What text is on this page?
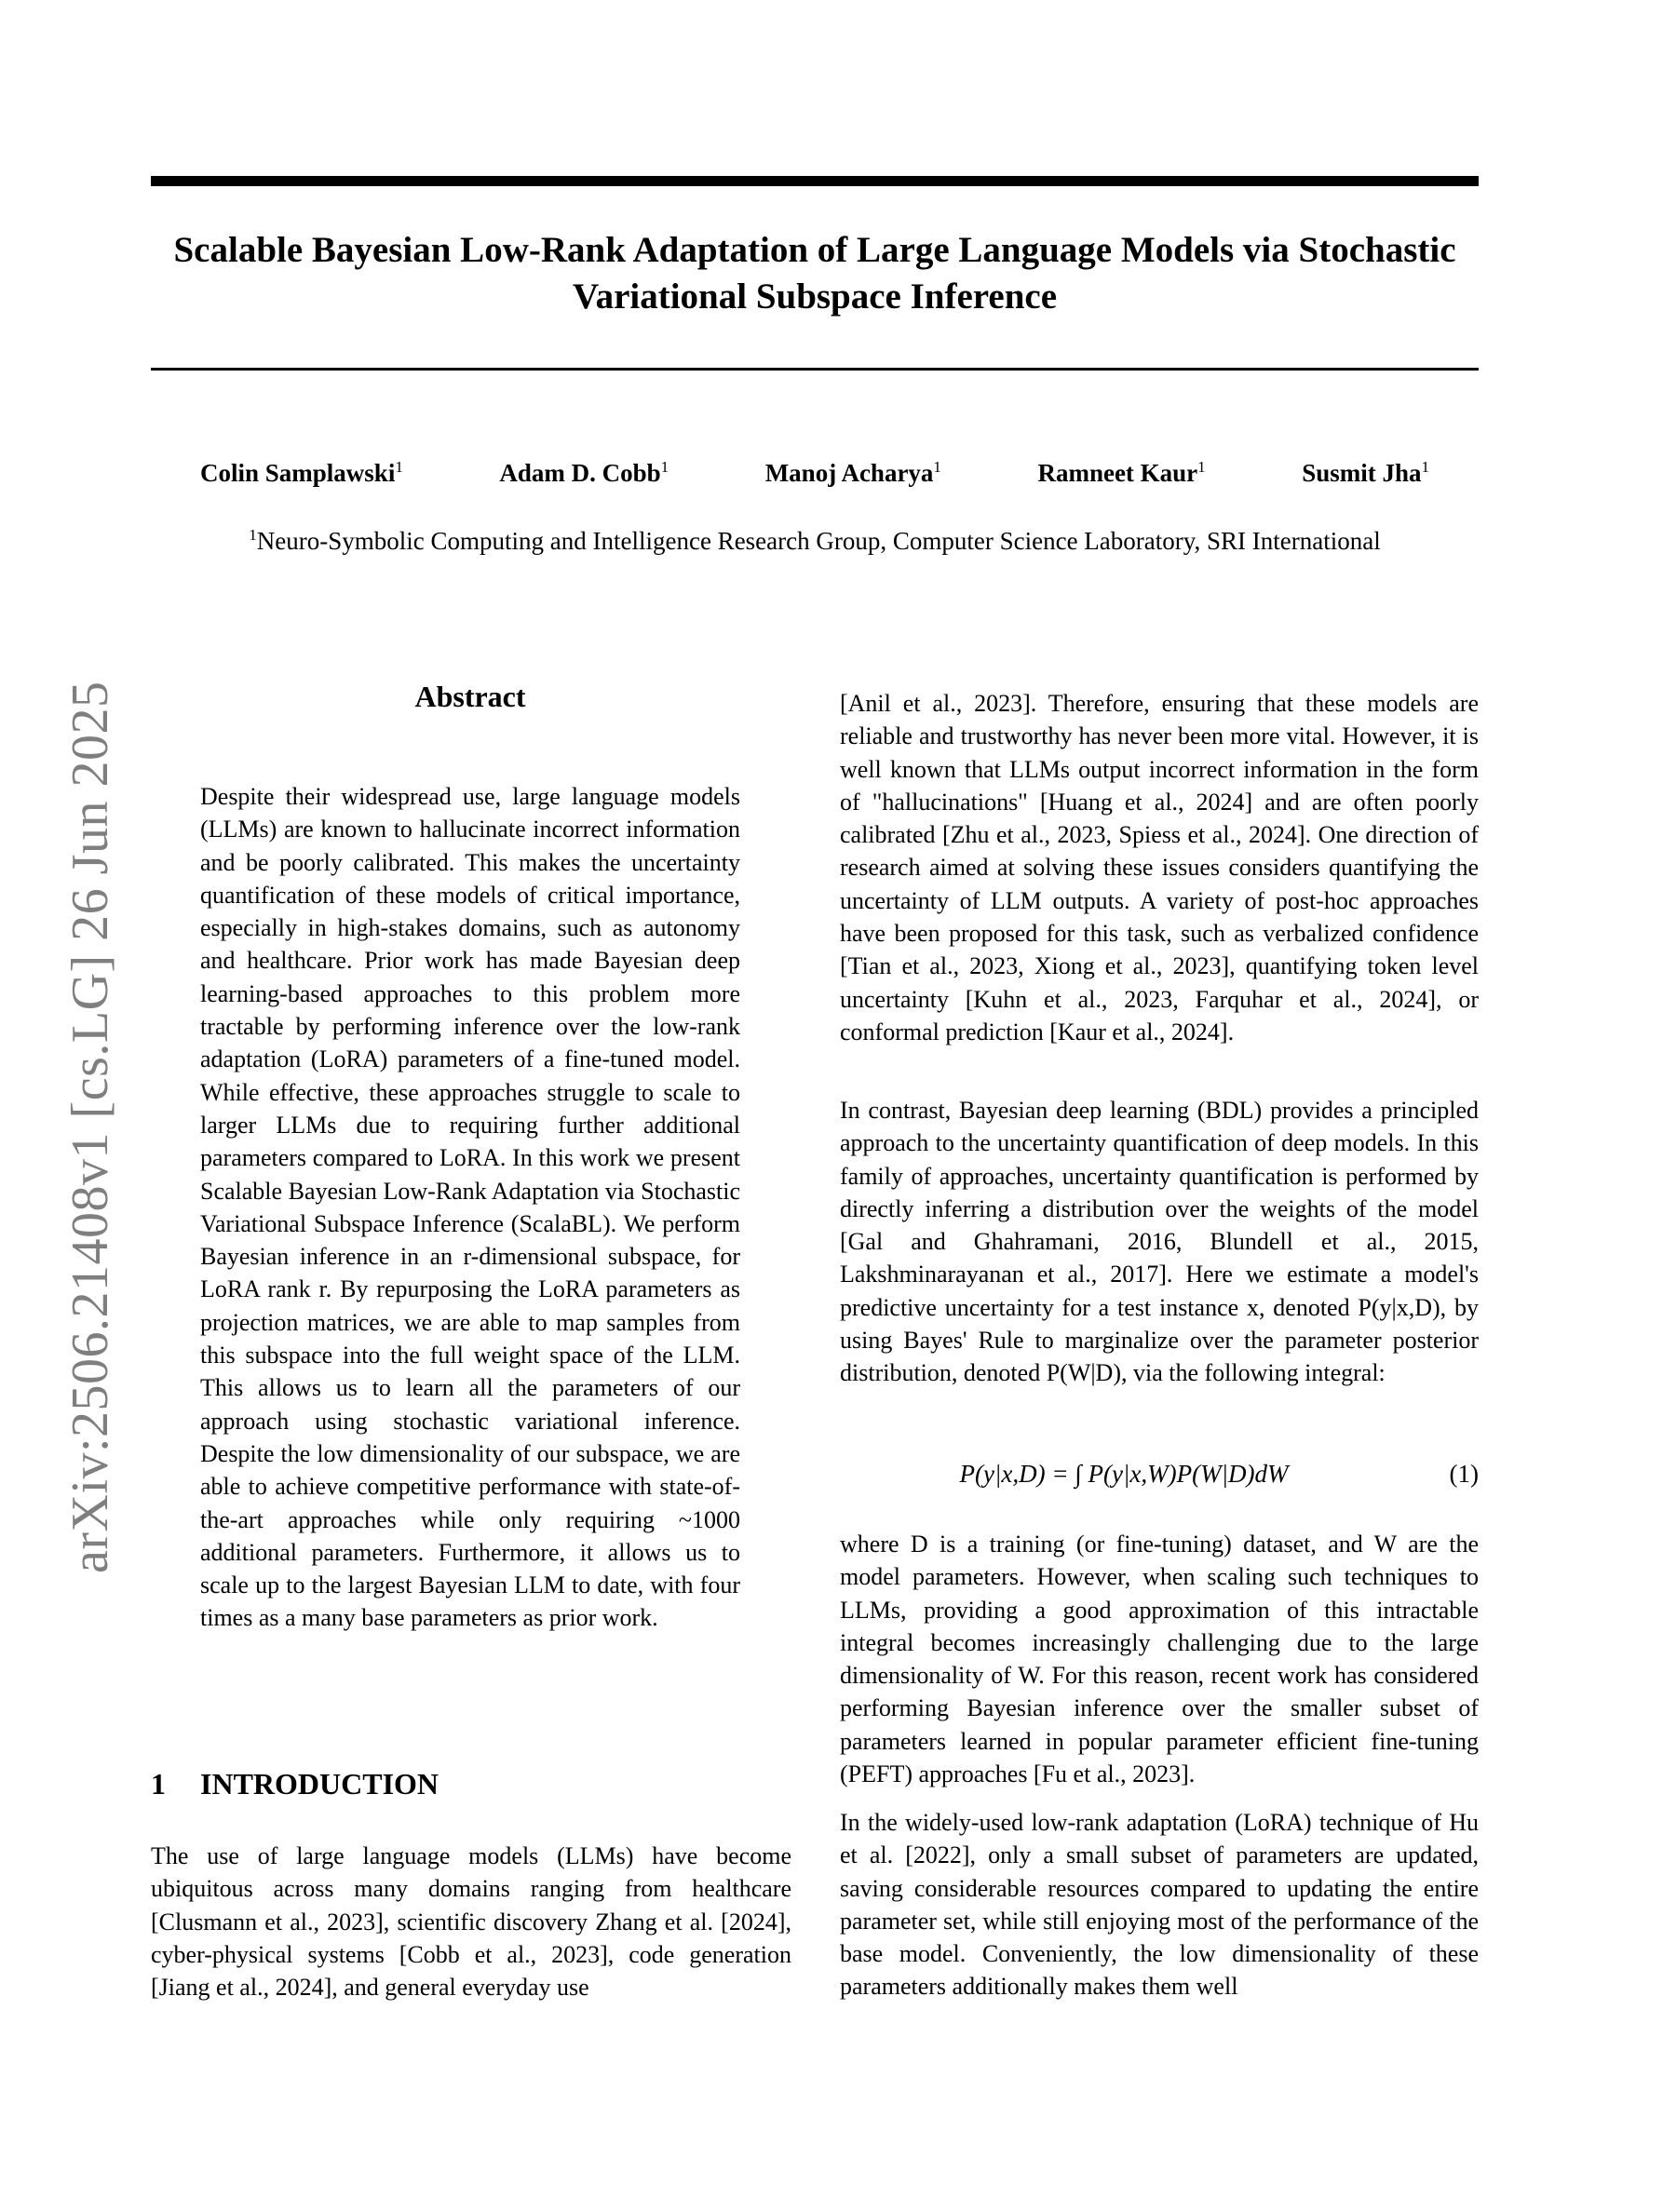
Scalable Bayesian Low-Rank Adaptation of Large Language Models via Stochastic Variational Subspace Inference
Colin Samplawski$^1$	Adam D. Cobb$^1$	Manoj Acharya$^1$	Ramneet Kaur$^1$	Susmit Jha$^1$
$^1$Neuro-Symbolic Computing and Intelligence Research Group, Computer Science Laboratory, SRI International
arXiv:2506.21408v1 [cs.LG] 26 Jun 2025	Abstract
Despite their widespread use, large language models (LLMs) are known to hallucinate incorrect information and be poorly calibrated. This makes the uncertainty quantification of these models of critical importance, especially in high-stakes domains, such as autonomy and healthcare. Prior work has made Bayesian deep learning-based approaches to this problem more tractable by performing inference over the low-rank adaptation (LoRA) parameters of a fine-tuned model. While effective, these approaches struggle to scale to larger LLMs due to requiring further additional parameters compared to LoRA. In this work we present Scalable Bayesian Low-Rank Adaptation via Stochastic Variational Subspace Inference (ScalaBL). We perform Bayesian inference in an r-dimensional subspace, for LoRA rank r. By repurposing the LoRA parameters as projection matrices, we are able to map samples from this subspace into the full weight space of the LLM. This allows us to learn all the parameters of our approach using stochastic variational inference. Despite the low dimensionality of our subspace, we are able to achieve competitive performance with state-of-the-art approaches while only requiring ~1000 additional parameters. Furthermore, it allows us to scale up to the largest Bayesian LLM to date, with four times as a many base parameters as prior work.
1 INTRODUCTION

The use of large language models (LLMs) have become ubiquitous across many domains ranging from healthcare [Clusmann et al., 2023], scientific discovery Zhang et al. [2024], cyber-physical systems [Cobb et al., 2023], code generation [Jiang et al., 2024], and general everyday use

[Anil et al., 2023]. Therefore, ensuring that these models are reliable and trustworthy has never been more vital. However, it is well known that LLMs output incorrect information in the form of "hallucinations" [Huang et al., 2024] and are often poorly calibrated [Zhu et al., 2023, Spiess et al., 2024]. One direction of research aimed at solving these issues considers quantifying the uncertainty of LLM outputs. A variety of post-hoc approaches have been proposed for this task, such as verbalized confidence [Tian et al., 2023, Xiong et al., 2023], quantifying token level uncertainty [Kuhn et al., 2023, Farquhar et al., 2024], or conformal prediction [Kaur et al., 2024].

In contrast, Bayesian deep learning (BDL) provides a principled approach to the uncertainty quantification of deep models. In this family of approaches, uncertainty quantification is performed by directly inferring a distribution over the weights of the model [Gal and Ghahramani, 2016, Blundell et al., 2015, Lakshminarayanan et al., 2017]. Here we estimate a model's predictive uncertainty for a test instance x, denoted P(y|x,D), by using Bayes' Rule to marginalize over the parameter posterior distribution, denoted P(W|D), via the following integral:

P(y|x,D) = ∫ P(y|x,W)P(W|D)dW	(1)

where D is a training (or fine-tuning) dataset, and W are the model parameters. However, when scaling such techniques to LLMs, providing a good approximation of this intractable integral becomes increasingly challenging due to the large dimensionality of W. For this reason, recent work has considered performing Bayesian inference over the smaller subset of parameters learned in popular parameter efficient fine-tuning (PEFT) approaches [Fu et al., 2023].

In the widely-used low-rank adaptation (LoRA) technique of Hu et al. [2022], only a small subset of parameters are updated, saving considerable resources compared to updating the entire parameter set, while still enjoying most of the performance of the base model. Conveniently, the low dimensionality of these parameters additionally makes them well
